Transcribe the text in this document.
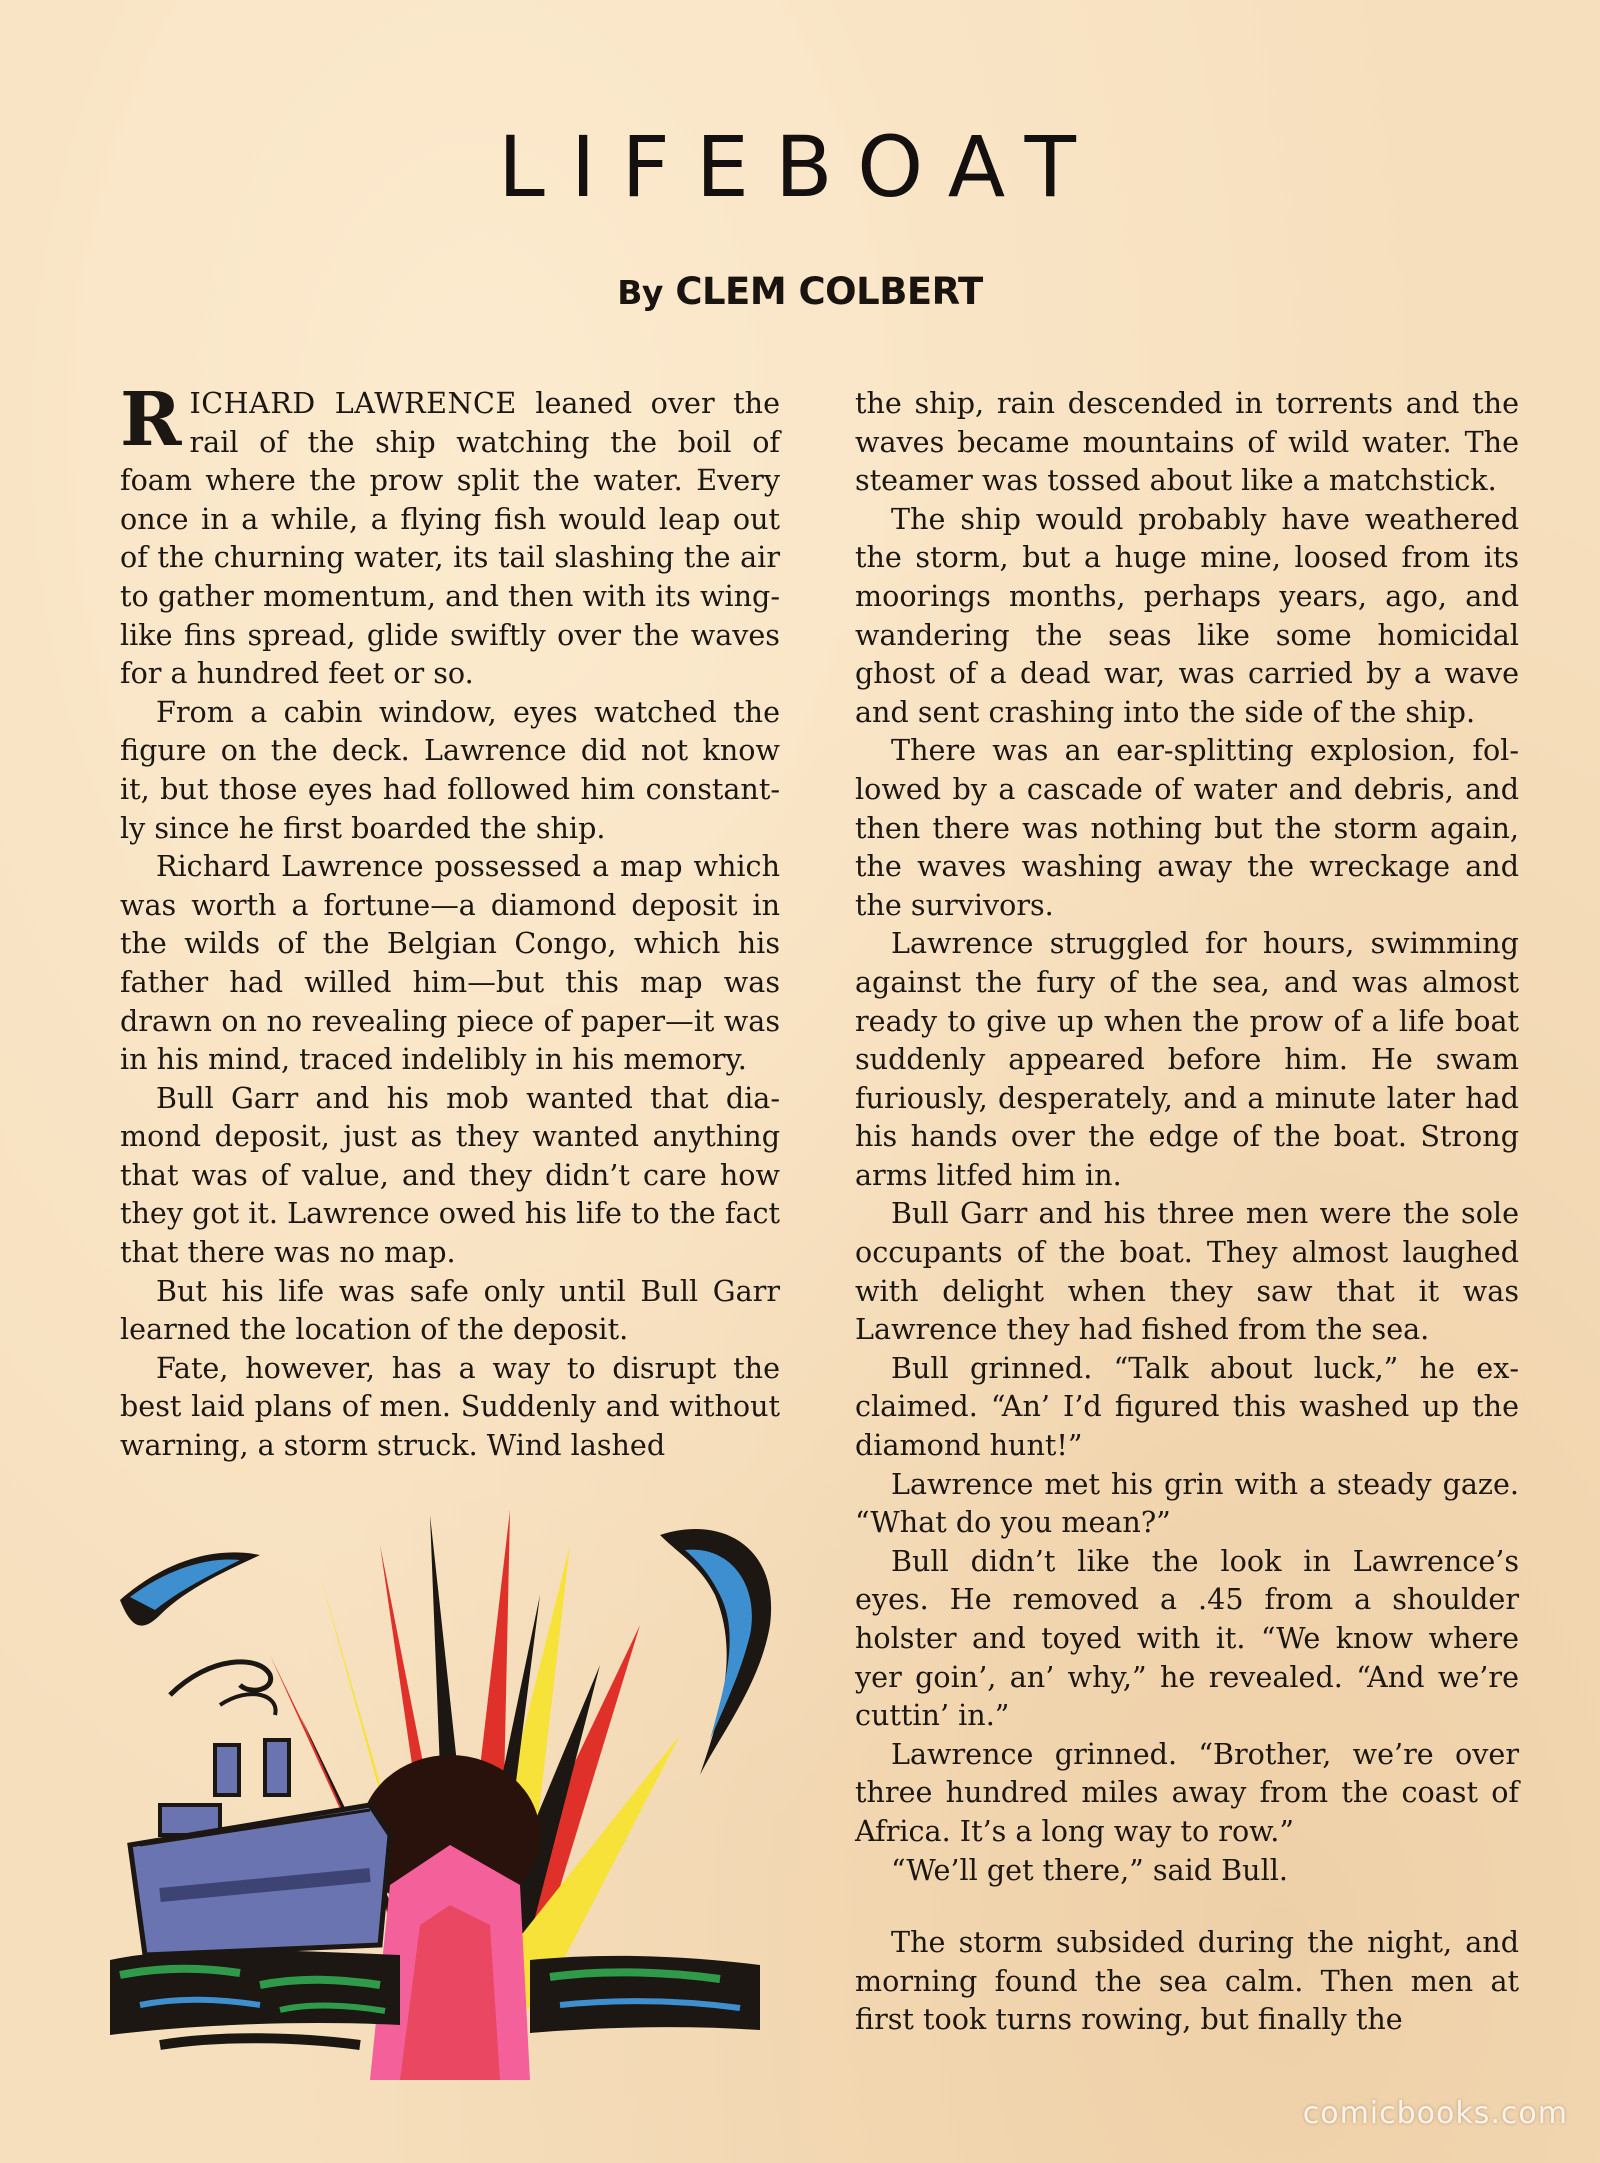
LIFEBOAT
By CLEM COLBERT

RICHARD LAWRENCE leaned over the rail of the ship watching the boil of foam where the prow split the water. Every once in a while, a flying fish would leap out of the churning water, its tail slashing the air to gather momentum, and then with its wing-like fins spread, glide swiftly over the waves for a hundred feet or so.

From a cabin window, eyes watched the figure on the deck. Lawrence did not know it, but those eyes had followed him constantly since he first boarded the ship.

Richard Lawrence possessed a map which was worth a fortune—a diamond deposit in the wilds of the Belgian Congo, which his father had willed him—but this map was drawn on no revealing piece of paper—it was in his mind, traced indelibly in his memory.

Bull Garr and his mob wanted that diamond deposit, just as they wanted anything that was of value, and they didn’t care how they got it. Lawrence owed his life to the fact that there was no map.

But his life was safe only until Bull Garr learned the location of the deposit.

Fate, however, has a way to disrupt the best laid plans of men. Suddenly and without warning, a storm struck. Wind lashed

the ship, rain descended in torrents and the waves became mountains of wild water. The steamer was tossed about like a matchstick.

The ship would probably have weathered the storm, but a huge mine, loosed from its moorings months, perhaps years, ago, and wandering the seas like some homicidal ghost of a dead war, was carried by a wave and sent crashing into the side of the ship.

There was an ear-splitting explosion, followed by a cascade of water and debris, and then there was nothing but the storm again, the waves washing away the wreckage and the survivors.

Lawrence struggled for hours, swimming against the fury of the sea, and was almost ready to give up when the prow of a life boat suddenly appeared before him. He swam furiously, desperately, and a minute later had his hands over the edge of the boat. Strong arms litfed him in.

Bull Garr and his three men were the sole occupants of the boat. They almost laughed with delight when they saw that it was Lawrence they had fished from the sea.

Bull grinned. “Talk about luck,” he exclaimed. “An’ I’d figured this washed up the diamond hunt!”

Lawrence met his grin with a steady gaze. “What do you mean?”

Bull didn’t like the look in Lawrence’s eyes. He removed a .45 from a shoulder holster and toyed with it. “We know where yer goin’, an’ why,” he revealed. “And we’re cuttin’ in.”

Lawrence grinned. “Brother, we’re over three hundred miles away from the coast of Africa. It’s a long way to row.”

“We’ll get there,” said Bull.

The storm subsided during the night, and morning found the sea calm. Then men at first took turns rowing, but finally the

comicbooks.com
